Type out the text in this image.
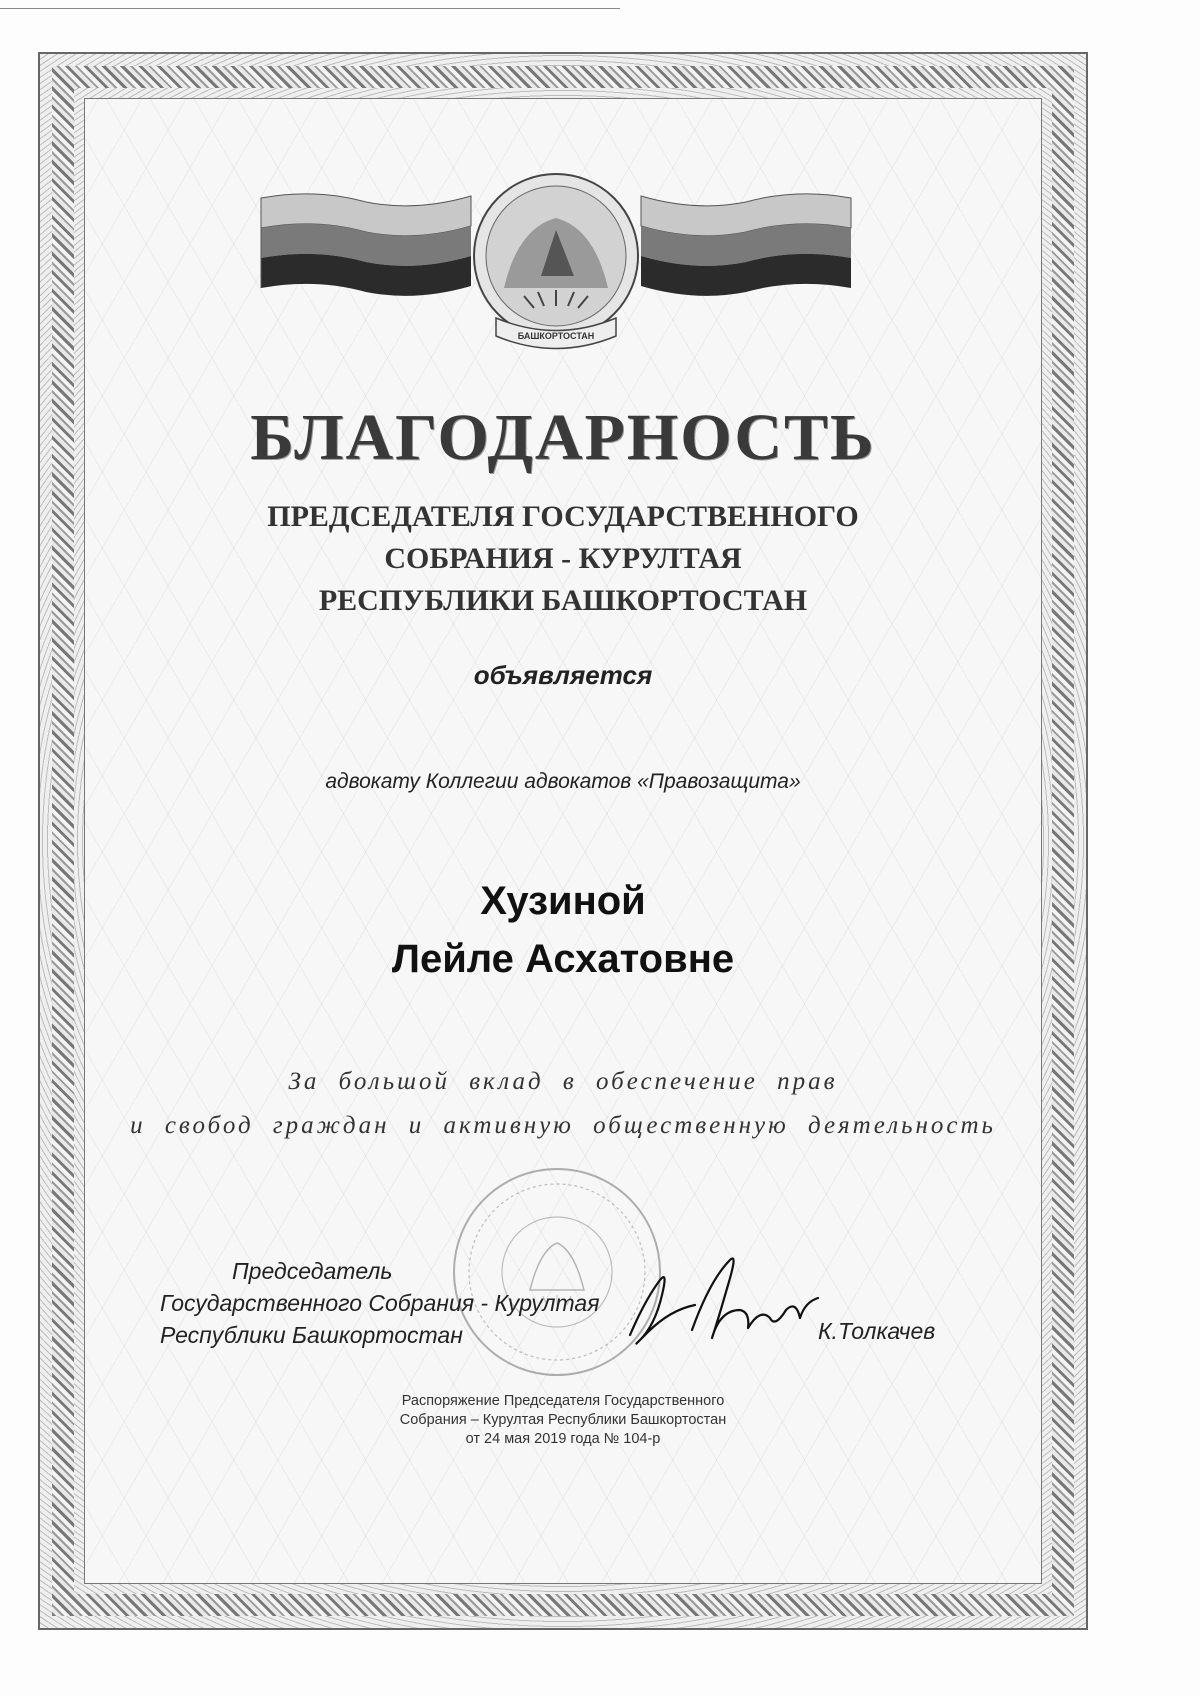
БАШКОРТОСТАН
БЛАГОДАРНОСТЬ
ПРЕДСЕДАТЕЛЯ ГОСУДАРСТВЕННОГО
СОБРАНИЯ - КУРУЛТАЯ
РЕСПУБЛИКИ БАШКОРТОСТАН
объявляется
адвокату Коллегии адвокатов «Правозащита»
Хузиной
Лейле Асхатовне
За большой вклад в обеспечение прав
и свобод граждан и активную общественную деятельность
Председатель
Государственного Собрания - Курултая
Республики Башкортостан	К.Толкачев
Распоряжение Председателя Государственного
Собрания – Курултая Республики Башкортостан
от 24 мая 2019 года № 104-р
